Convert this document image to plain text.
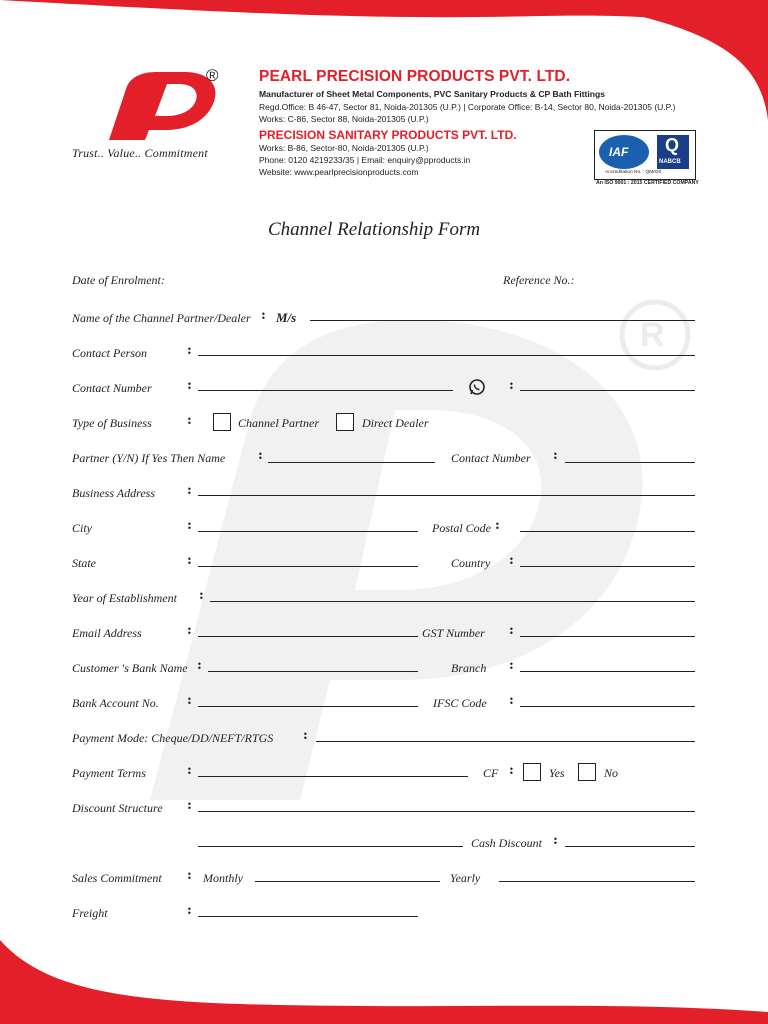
R
®
Trust.. Value.. Commitment
PEARL PRECISION PRODUCTS PVT. LTD.
Manufacturer of Sheet Metal Components, PVC Sanitary Products & CP Bath Fittings
Regd.Office: B 46-47, Sector 81, Noida-201305 (U.P.) | Corporate Office: B-14, Sector 80, Noida-201305 (U.P.)
Works: C-86, Sector 88, Noida-201305 (U.P.)
PRECISION SANITARY PRODUCTS PVT. LTD.
Works: B-86, Sector-80, Noida-201305 (U.P.)
Phone: 0120 4219233/35 | Email: enquiry@pproducts.in
Website: www.pearlprecisionproducts.com
IAF Q
NABCB
Accreditation No. : QM020
An ISO 9001 : 2015 CERTIFIED COMPANY
Channel Relationship Form
Date of Enrolment:	Reference No.:
Name of the Channel Partner/Dealer : M/s
Contact Person	:
Contact Number	:	:
Type of Business	:	Channel Partner	Direct Dealer
Partner (Y/N) If Yes Then Name	:	Contact Number :
Business Address :
City	:	Postal Code :
State	:	Country :
Year of Establishment :
Email Address	:	GST Number :
Customer 's Bank Name :	Branch :
Bank Account No. :	IFSC Code :
Payment Mode: Cheque/DD/NEFT/RTGS :
Payment Terms	:	CF :	Yes	No
Discount Structure :
Cash Discount :
Sales Commitment : Monthly	Yearly
Freight	:
